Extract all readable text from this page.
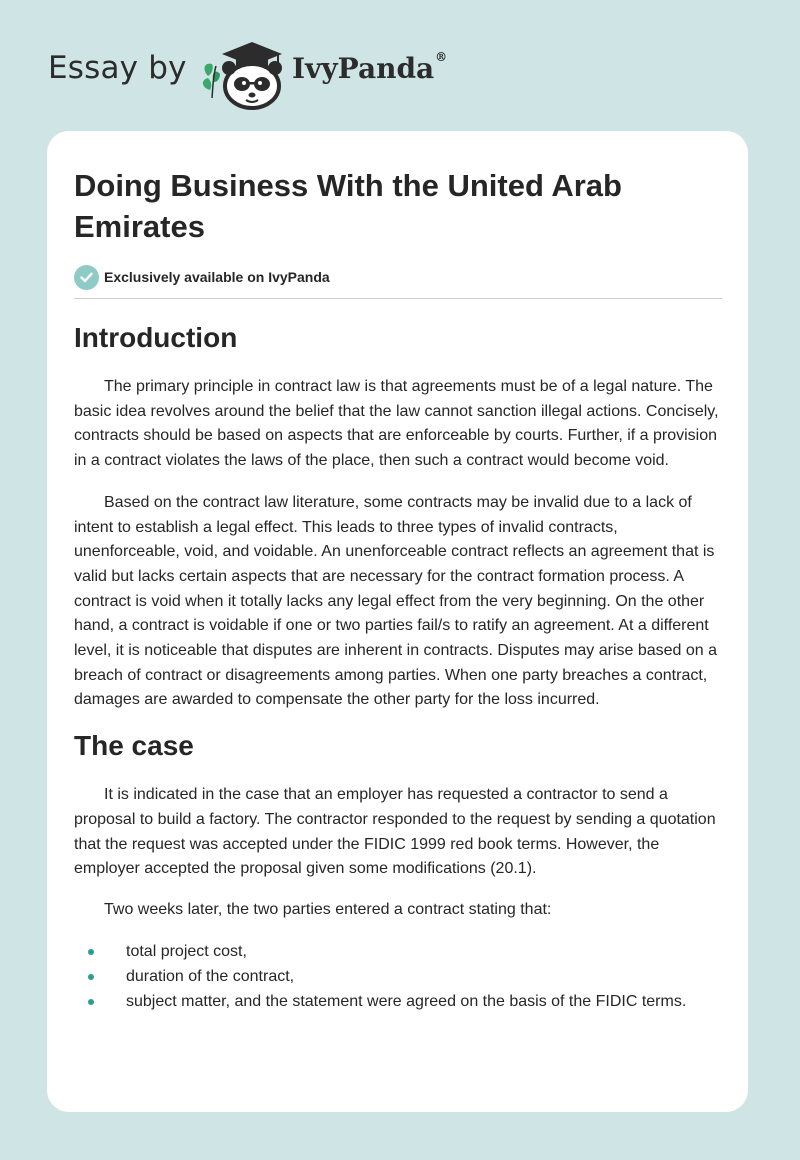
Essay by	IvyPanda®
Doing Business With the United Arab Emirates
Exclusively available on IvyPanda
Introduction

The primary principle in contract law is that agreements must be of a legal nature. The basic idea revolves around the belief that the law cannot sanction illegal actions. Concisely, contracts should be based on aspects that are enforceable by courts. Further, if a provision in a contract violates the laws of the place, then such a contract would become void.

Based on the contract law literature, some contracts may be invalid due to a lack of intent to establish a legal effect. This leads to three types of invalid contracts, unenforceable, void, and voidable. An unenforceable contract reflects an agreement that is valid but lacks certain aspects that are necessary for the contract formation process. A contract is void when it totally lacks any legal effect from the very beginning. On the other hand, a contract is voidable if one or two parties fail/s to ratify an agreement. At a different level, it is noticeable that disputes are inherent in contracts. Disputes may arise based on a breach of contract or disagreements among parties. When one party breaches a contract, damages are awarded to compensate the other party for the loss incurred.

The case

It is indicated in the case that an employer has requested a contractor to send a proposal to build a factory. The contractor responded to the request by sending a quotation that the request was accepted under the FIDIC 1999 red book terms. However, the employer accepted the proposal given some modifications (20.1).

Two weeks later, the two parties entered a contract stating that:

total project cost,
duration of the contract,
subject matter, and the statement were agreed on the basis of the FIDIC terms.
